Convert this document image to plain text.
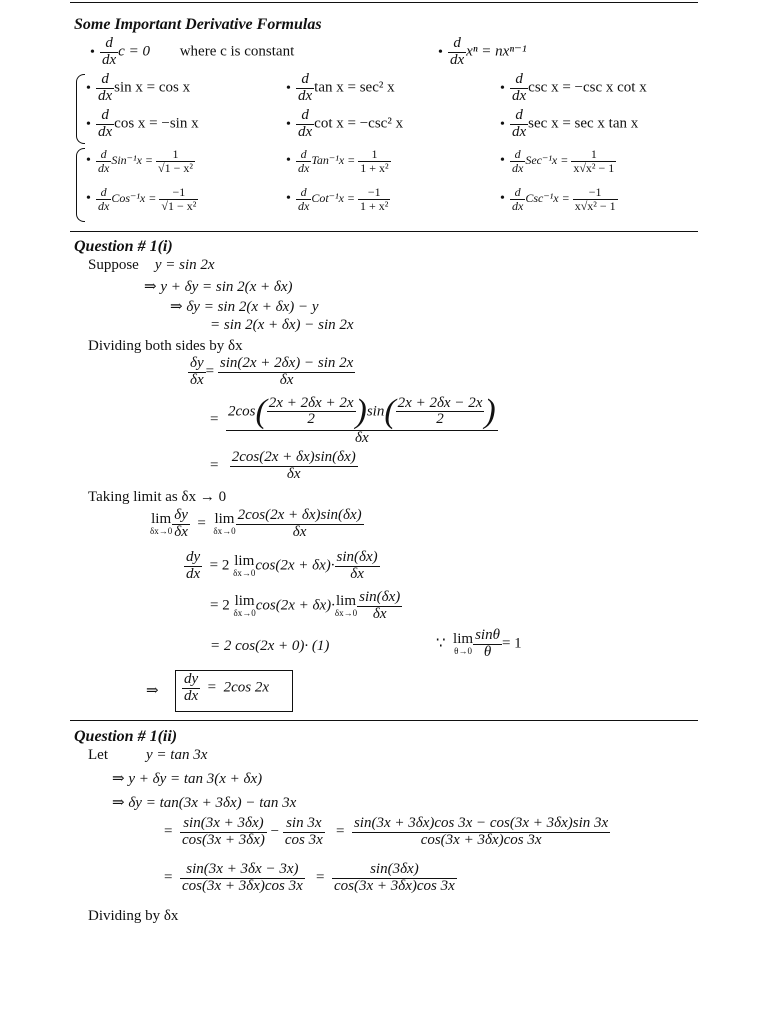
Some Important Derivative Formulas
• $\frac{d}{dx}$ c = 0 where c is constant	• $\frac{d}{dx}$ xⁿ = nxⁿ⁻¹
• $\frac{d}{dx}$ sin x = cos x	• $\frac{d}{dx}$ tan x = sec² x	• $\frac{d}{dx}$ csc x = −csc x cot x
• $\frac{d}{dx}$ cos x = −sin x	• $\frac{d}{dx}$ cot x = −csc² x	• $\frac{d}{dx}$ sec x = sec x tan x
• $\frac{d}{dx} Sin^{-1}x = \frac{1}{\text{√1 − x²}}$	• $\frac{d}{dx} Tan^{-1}x = \frac{1}{\text{1 + x²}}$	• $\frac{d}{dx} Sec^{-1}x = \frac{1}{\text{x√x² − 1}}$
• $\frac{d}{dx} Cos^{-1}x = \frac{-1}{\text{√1 − x²}}$	• $\frac{d}{dx} Cot^{-1}x = \frac{-1}{\text{1 + x²}}$	• $\frac{d}{dx} Csc^{-1}x = \frac{-1}{\text{x√x² − 1}}$
Question # 1(i)
Suppose y = sin 2x
⇒ y + δy = sin 2(x + δx)
⇒ δy = sin 2(x + δx) − y
= sin 2(x + δx) − sin 2x
Dividing both sides by δx
$\frac{\delta y}{\delta x} = \frac{\sin(2x + 2\delta x) - \sin 2x}{\delta x}$
= $\frac{2\cos( \frac{2x + 2\delta x + 2x}{2} )\sin( \frac{2x + 2\delta x - 2x}{2} )}{\delta x}$
= $\frac{2\cos(2x + \delta x)\sin(\delta x)}{\delta x}$
Taking limit as δx → 0
lim
$\delta x\to 0 \frac{\delta y}{\delta x} = \lim$
$\delta x\to 0 \frac{2\cos(2x + \delta x)\sin(\delta x)}{\delta x}$
$\frac{dy}{dx} = 2$ lim
δx→0 $\cos(2x + \delta x)\cdot \frac{\sin(\delta x)}{\delta x}$
= 2 lim
δx→0 cos(2x + δx)· lim
$\delta x\to 0 \frac{\sin(\delta x)}{\delta x}$
= 2 cos(2x + 0)· (1)	∵ lim
$\theta\to 0 \frac{\sin\theta}{\theta} = 1$
⇒ $\frac{dy}{dx} = 2\cos$ 2x
Question # 1(ii)
Let	y = tan 3x
⇒ y + δy = tan 3(x + δx)
⇒ δy = tan(3x + 3δx) − tan 3x
= $\frac{\sin(3x + 3\delta x)}{\cos(3x + 3\delta x)} - \frac{\sin 3x}{\cos 3x} = \frac{\sin(3x + 3\delta x)\cos 3x - \cos(3x + 3\delta x)\sin 3x}{\cos(3x + 3\delta x)\cos 3x}$
= $\frac{\sin(3x + 3\delta x - 3x)}{\cos(3x + 3\delta x)\cos 3x} = \frac{\sin(3\delta x)}{\cos(3x + 3\delta x)\cos 3x}$
Dividing by δx
